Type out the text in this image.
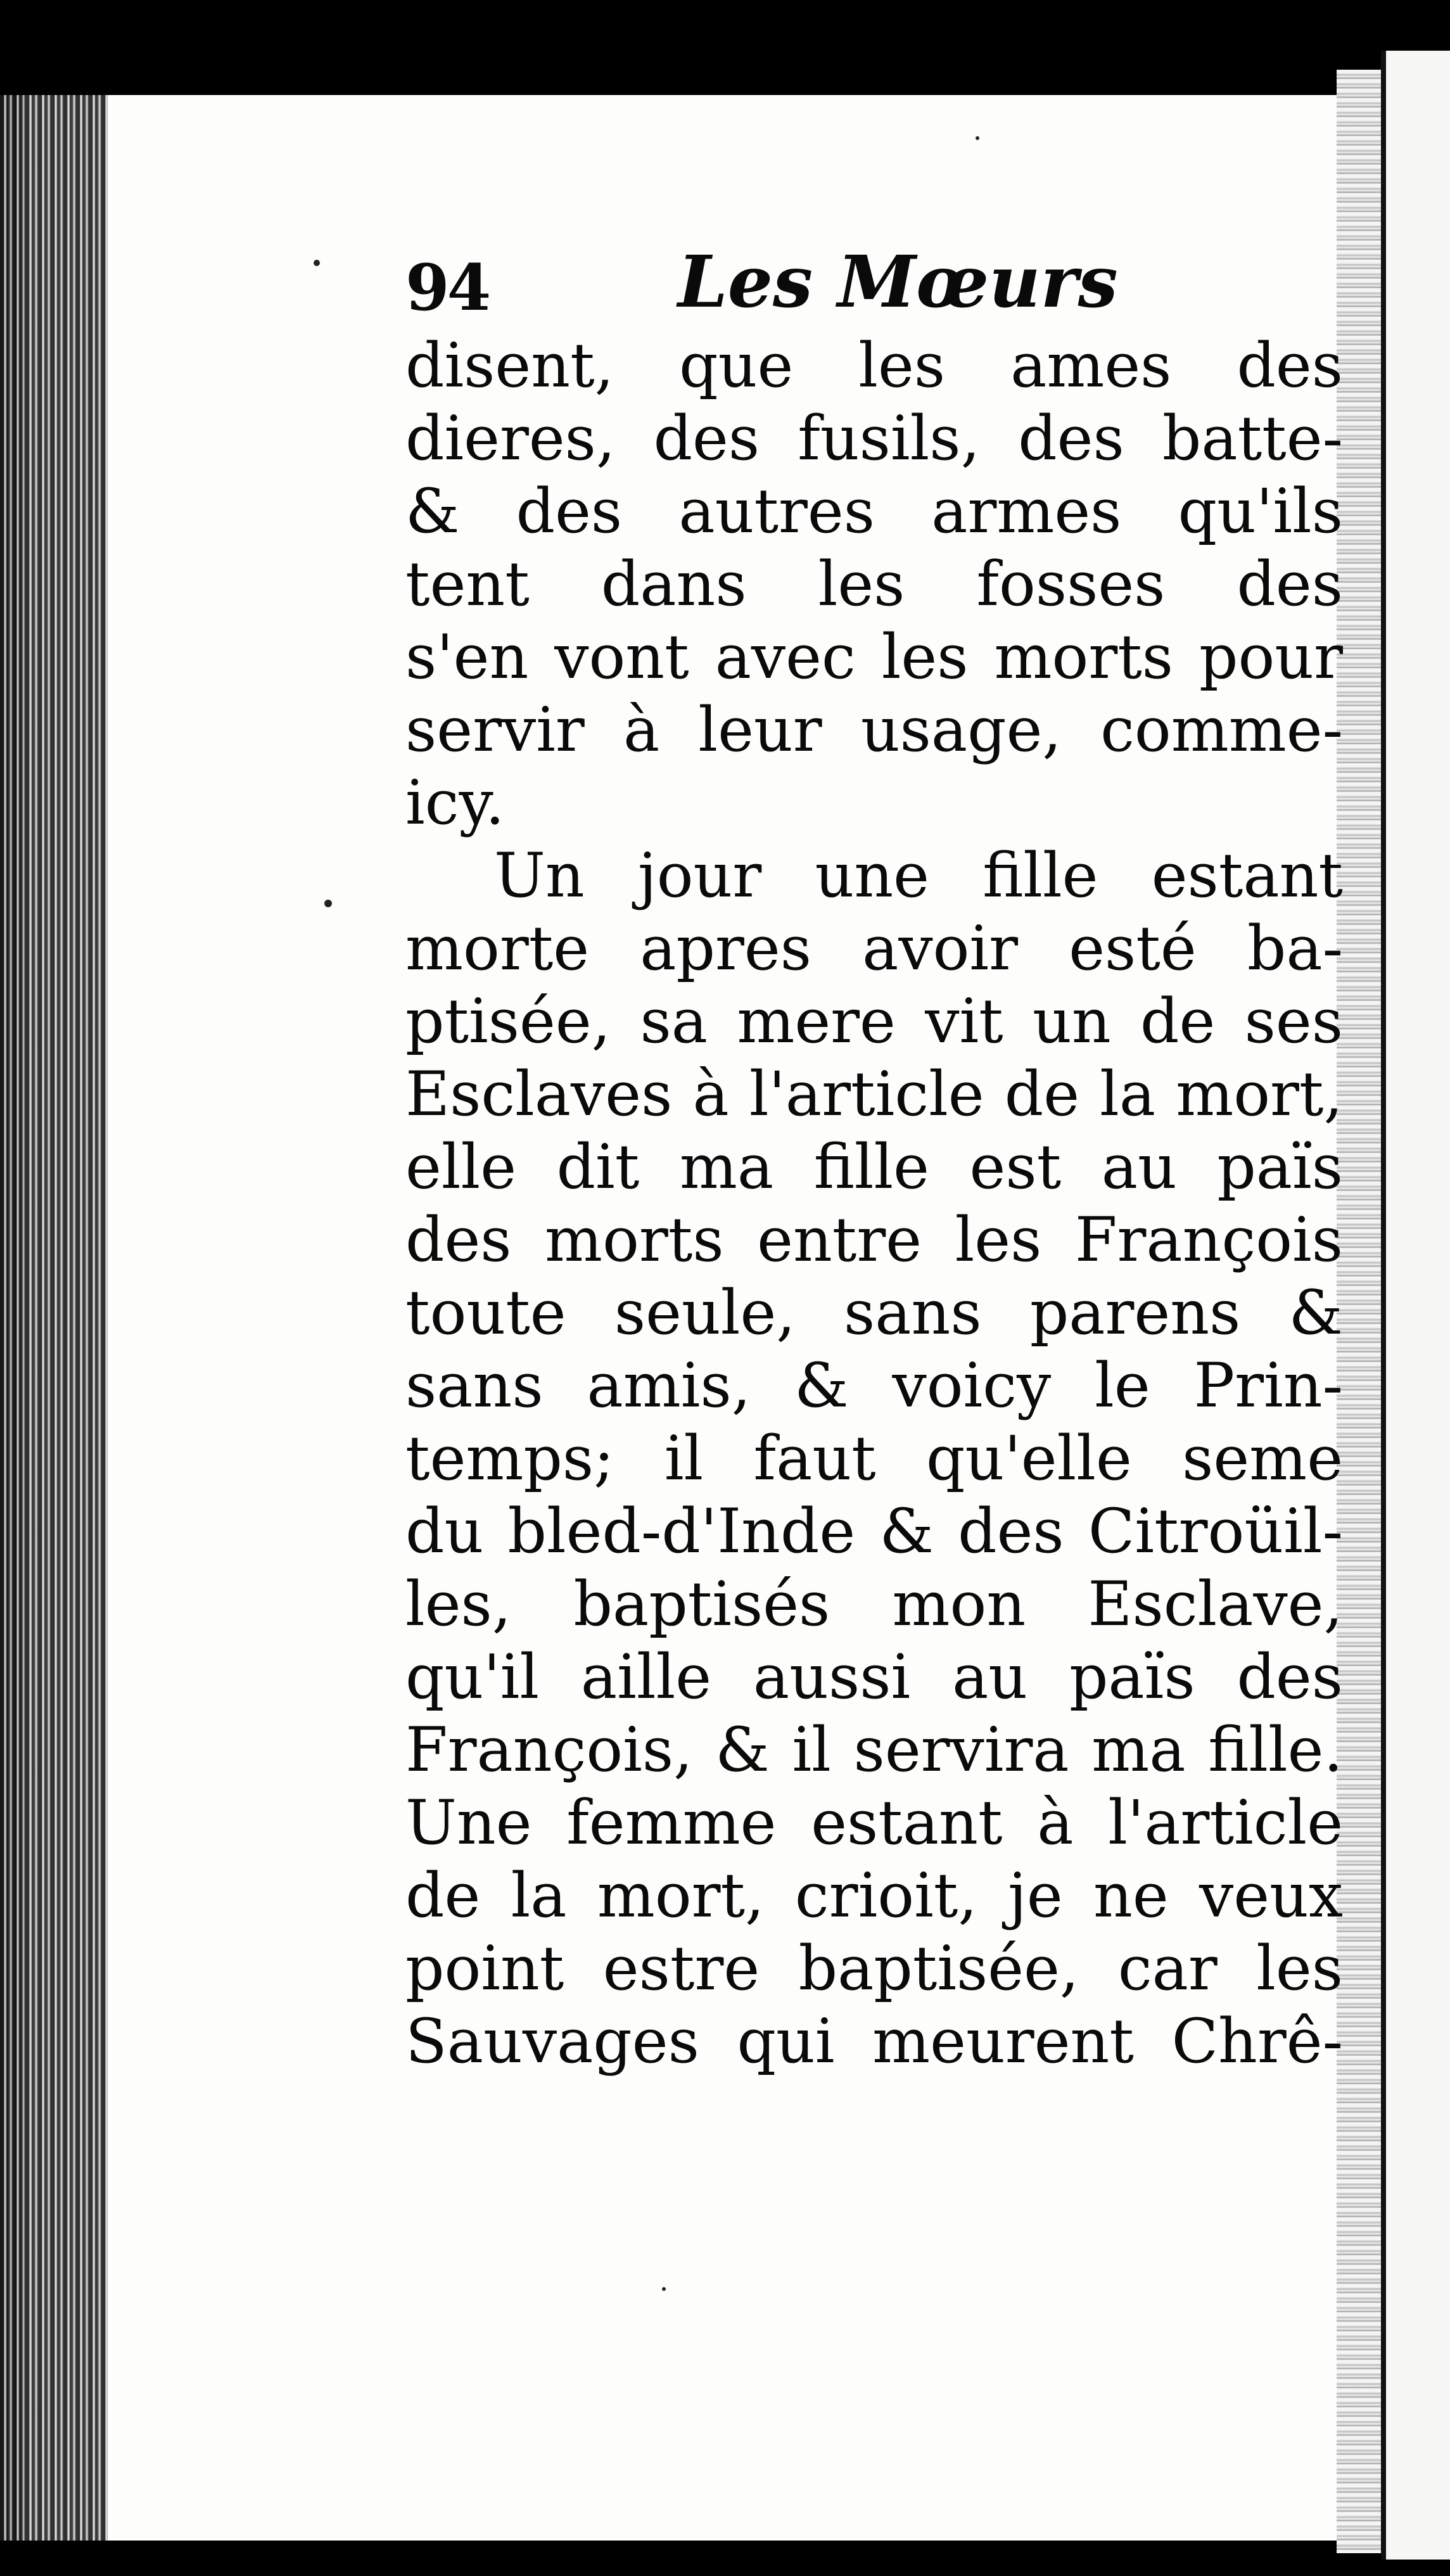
94	Les Mœurs
disent, que les ames des
dieres, des fusils, des batte-
& des autres armes qu'ils
tent dans les fosses des
s'en vont avec les morts pour
servir à leur usage, comme-
icy.
Un jour une fille estant
morte apres avoir esté ba-
ptisée, sa mere vit un de ses
Esclaves à l'article de la mort,
elle dit ma fille est au païs
des morts entre les François
toute seule, sans parens &
sans amis, & voicy le Prin-
temps; il faut qu'elle seme
du bled-d'Inde & des Citroüil-
les, baptisés mon Esclave,
qu'il aille aussi au païs des
François, & il servira ma fille.
Une femme estant à l'article
de la mort, crioit, je ne veux
point estre baptisée, car les
Sauvages qui meurent Chrê-
